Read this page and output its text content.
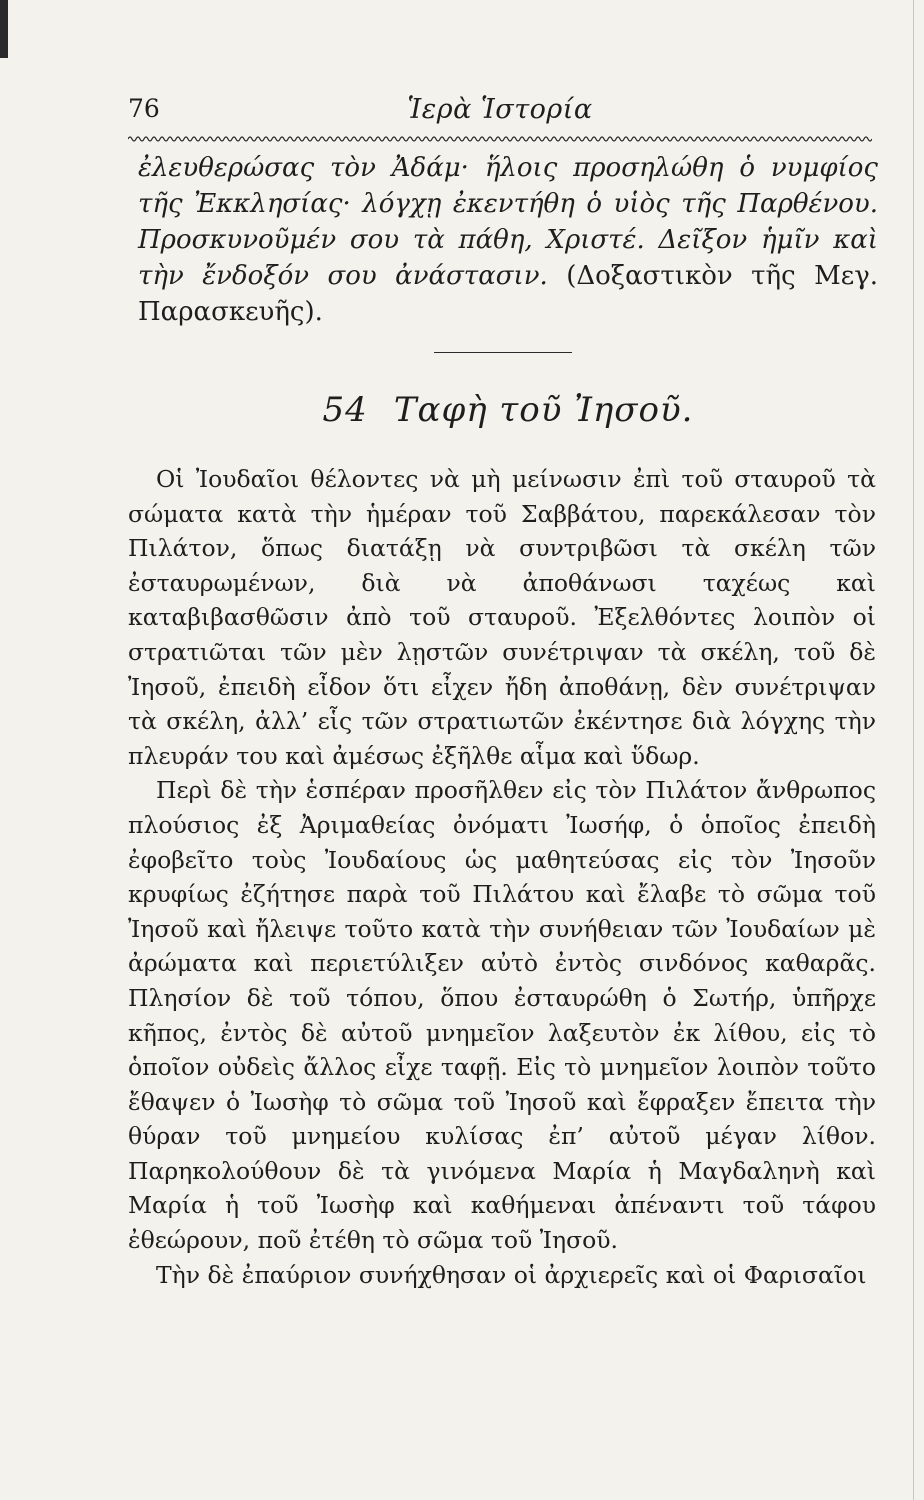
76	Ἱερὰ Ἱστορία

ἐλευθερώσας τὸν Ἀδάμ· ἥλοις προσηλώθη ὁ νυμφίος τῆς Ἐκκλησίας· λόγχῃ ἐκεντήθη ὁ υἱὸς τῆς Παρθένου. Προσκυνοῦμέν σου τὰ πάθη, Χριστέ. Δεῖξον ἡμῖν καὶ τὴν ἔνδοξόν σου ἀνάστασιν. (Δοξαστικὸν τῆς Μεγ. Παρασκευῆς).

54 Ταφὴ τοῦ Ἰησοῦ.

Οἱ Ἰουδαῖοι θέλοντες νὰ μὴ μείνωσιν ἐπὶ τοῦ σταυροῦ τὰ σώματα κατὰ τὴν ἡμέραν τοῦ Σαββάτου, παρεκάλεσαν τὸν Πιλάτον, ὅπως διατάξῃ νὰ συντριβῶσι τὰ σκέλη τῶν ἐσταυρωμένων, διὰ νὰ ἀποθάνωσι ταχέως καὶ καταβιβασθῶσιν ἀπὸ τοῦ σταυροῦ. Ἐξελθόντες λοιπὸν οἱ στρατιῶται τῶν μὲν λῃστῶν συνέτριψαν τὰ σκέλη, τοῦ δὲ Ἰησοῦ, ἐπειδὴ εἶδον ὅτι εἶχεν ἤδη ἀποθάνῃ, δὲν συνέτριψαν τὰ σκέλη, ἀλλ’ εἷς τῶν στρατιωτῶν ἐκέντησε διὰ λόγχης τὴν πλευράν του καὶ ἀμέσως ἐξῆλθε αἷμα καὶ ὕδωρ.

Περὶ δὲ τὴν ἑσπέραν προσῆλθεν εἰς τὸν Πιλάτον ἄνθρωπος πλούσιος ἐξ Ἀριμαθείας ὀνόματι Ἰωσήφ, ὁ ὁποῖος ἐπειδὴ ἐφοβεῖτο τοὺς Ἰουδαίους ὡς μαθητεύσας εἰς τὸν Ἰησοῦν κρυφίως ἐζήτησε παρὰ τοῦ Πιλάτου καὶ ἔλαβε τὸ σῶμα τοῦ Ἰησοῦ καὶ ἤλειψε τοῦτο κατὰ τὴν συνήθειαν τῶν Ἰουδαίων μὲ ἀρώματα καὶ περιετύλιξεν αὐτὸ ἐντὸς σινδόνος καθαρᾶς. Πλησίον δὲ τοῦ τόπου, ὅπου ἐσταυρώθη ὁ Σωτήρ, ὑπῆρχε κῆπος, ἐντὸς δὲ αὐτοῦ μνημεῖον λαξευτὸν ἐκ λίθου, εἰς τὸ ὁποῖον οὐδεὶς ἄλλος εἶχε ταφῇ. Εἰς τὸ μνημεῖον λοιπὸν τοῦτο ἔθαψεν ὁ Ἰωσὴφ τὸ σῶμα τοῦ Ἰησοῦ καὶ ἔφραξεν ἔπειτα τὴν θύραν τοῦ μνημείου κυλίσας ἐπ’ αὐτοῦ μέγαν λίθον. Παρηκολούθουν δὲ τὰ γινόμενα Μαρία ἡ Μαγδαληνὴ καὶ Μαρία ἡ τοῦ Ἰωσὴφ καὶ καθήμεναι ἀπέναντι τοῦ τάφου ἐθεώρουν, ποῦ ἐτέθη τὸ σῶμα τοῦ Ἰησοῦ.

Τὴν δὲ ἐπαύριον συνήχθησαν οἱ ἀρχιερεῖς καὶ οἱ Φαρισαῖοι
